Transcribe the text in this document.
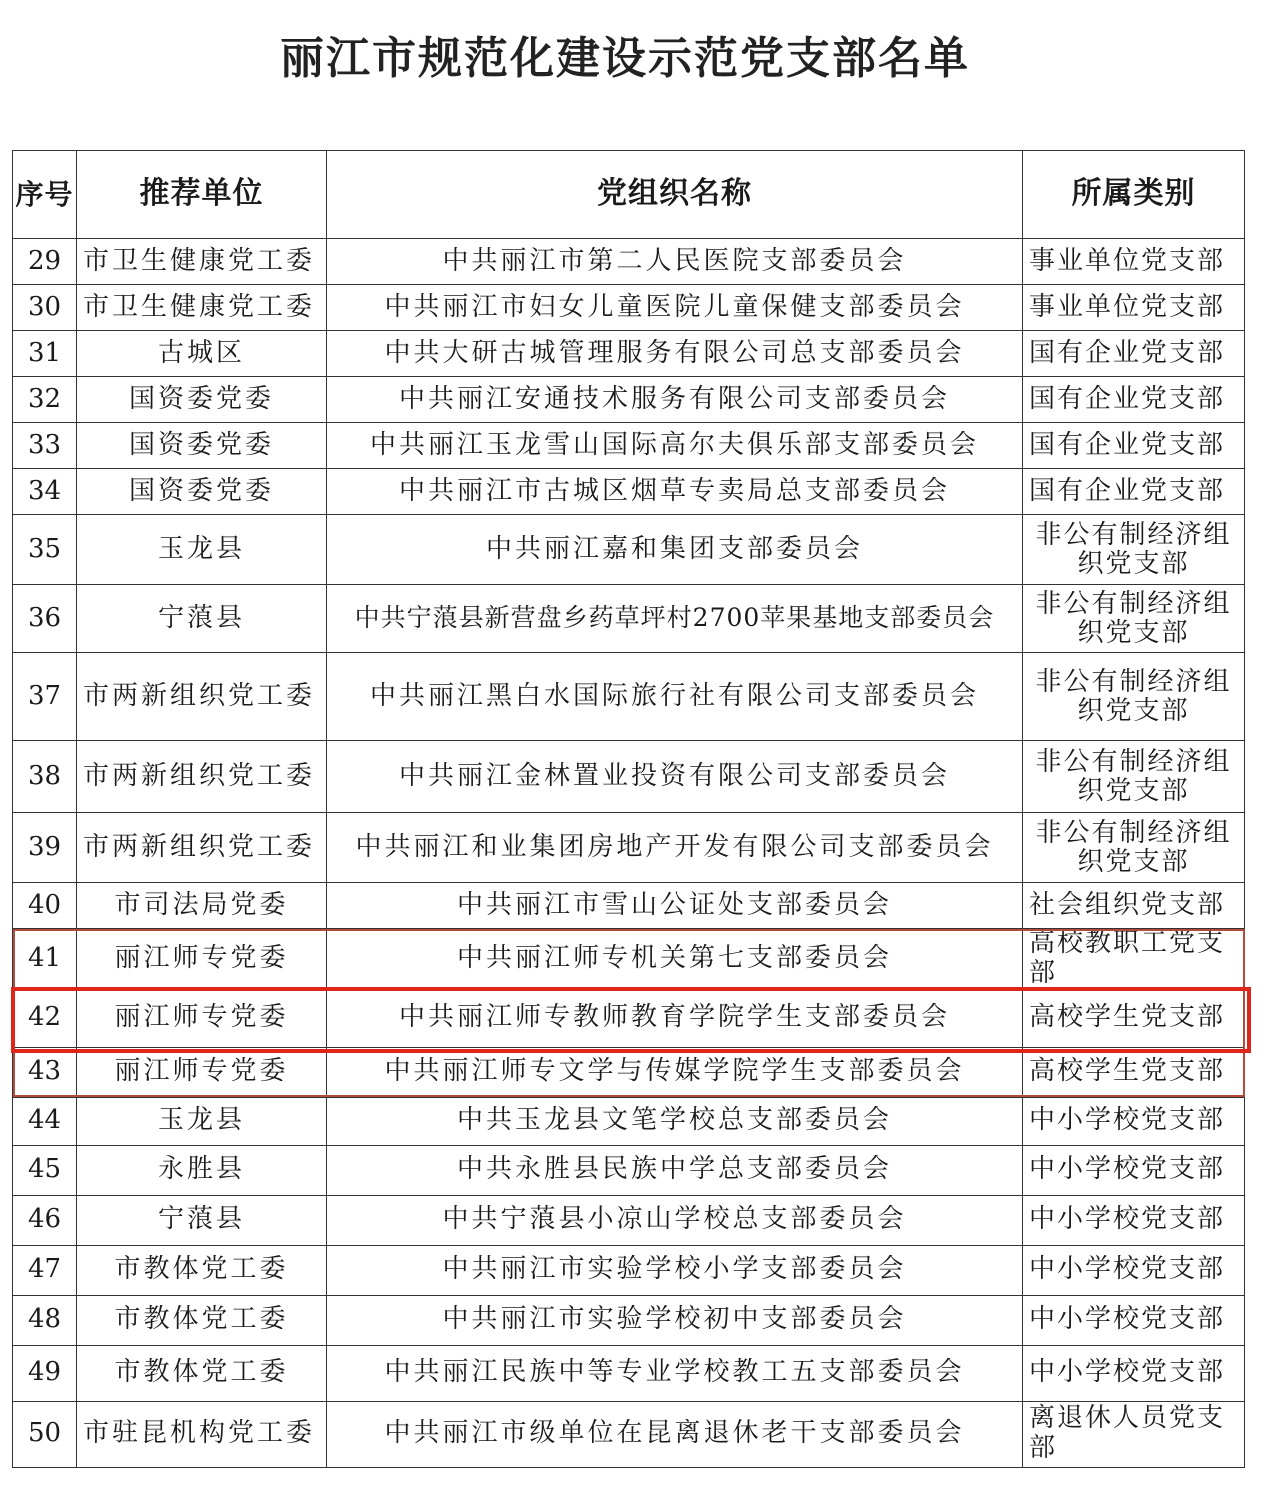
丽江市规范化建设示范党支部名单
序号	推荐单位	党组织名称	所属类别
29	市卫生健康党工委	中共丽江市第二人民医院支部委员会	事业单位党支部
30	市卫生健康党工委	中共丽江市妇女儿童医院儿童保健支部委员会	事业单位党支部
31	古城区	中共大研古城管理服务有限公司总支部委员会	国有企业党支部
32	国资委党委	中共丽江安通技术服务有限公司支部委员会	国有企业党支部
33	国资委党委	中共丽江玉龙雪山国际高尔夫俱乐部支部委员会	国有企业党支部
34	国资委党委	中共丽江市古城区烟草专卖局总支部委员会	国有企业党支部
35	玉龙县	中共丽江嘉和集团支部委员会	非公有制经济组织党支部
36	宁蒗县	中共宁蒗县新营盘乡药草坪村2700苹果基地支部委员会	非公有制经济组织党支部
37	市两新组织党工委	中共丽江黑白水国际旅行社有限公司支部委员会	非公有制经济组织党支部
38	市两新组织党工委	中共丽江金林置业投资有限公司支部委员会	非公有制经济组织党支部
39	市两新组织党工委	中共丽江和业集团房地产开发有限公司支部委员会	非公有制经济组织党支部
40	市司法局党委	中共丽江市雪山公证处支部委员会	社会组织党支部
41	丽江师专党委	中共丽江师专机关第七支部委员会	高校教职工党支部
42	丽江师专党委	中共丽江师专教师教育学院学生支部委员会	高校学生党支部
43	丽江师专党委	中共丽江师专文学与传媒学院学生支部委员会	高校学生党支部
44	玉龙县	中共玉龙县文笔学校总支部委员会	中小学校党支部
45	永胜县	中共永胜县民族中学总支部委员会	中小学校党支部
46	宁蒗县	中共宁蒗县小凉山学校总支部委员会	中小学校党支部
47	市教体党工委	中共丽江市实验学校小学支部委员会	中小学校党支部
48	市教体党工委	中共丽江市实验学校初中支部委员会	中小学校党支部
49	市教体党工委	中共丽江民族中等专业学校教工五支部委员会	中小学校党支部
50	市驻昆机构党工委	中共丽江市级单位在昆离退休老干支部委员会	离退休人员党支部
